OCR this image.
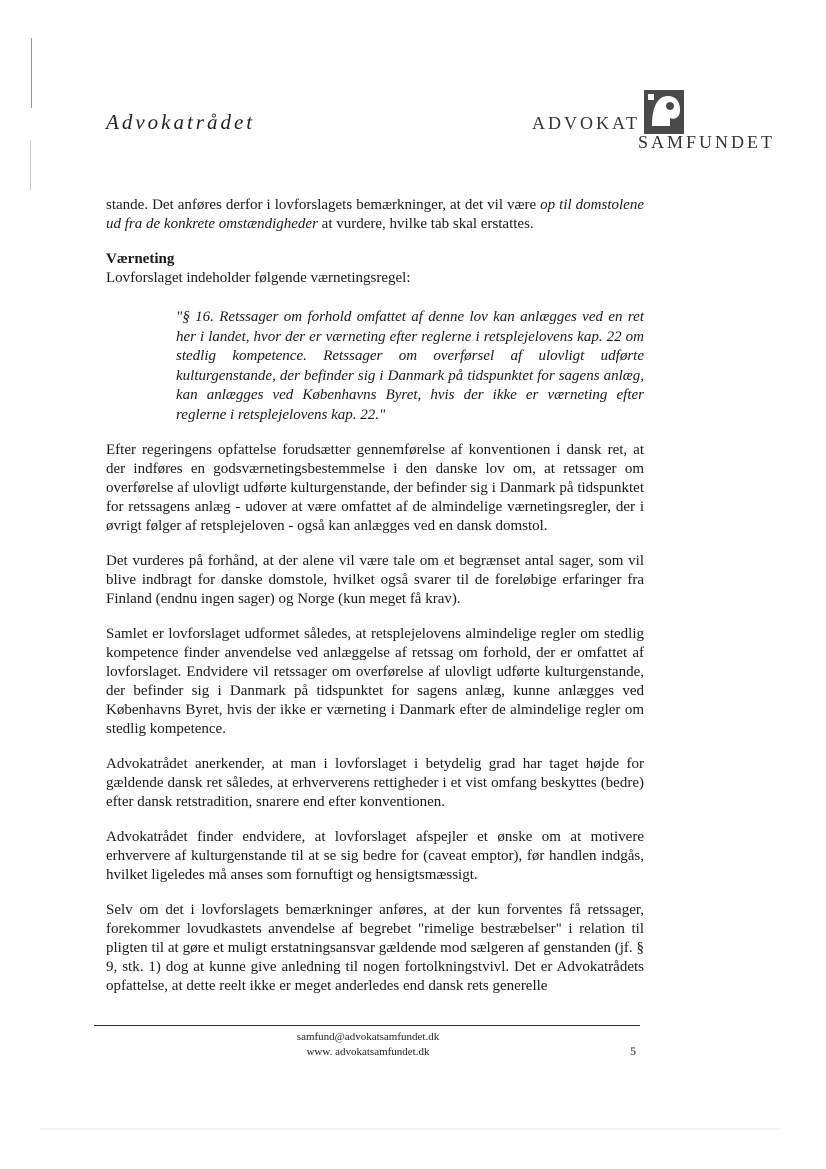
Advokatrådet	ADVOKAT
SAMFUNDET

stande. Det anføres derfor i lovforslagets bemærkninger, at det vil være op til domstolene ud fra de konkrete omstændigheder at vurdere, hvilke tab skal erstattes.

Værneting

Lovforslaget indeholder følgende værnetingsregel:

"§ 16. Retssager om forhold omfattet af denne lov kan anlægges ved en ret her i landet, hvor der er værneting efter reglerne i retsplejelovens kap. 22 om stedlig kompetence. Retssager om overførsel af ulovligt udførte kulturgenstande, der befinder sig i Danmark på tidspunktet for sagens anlæg, kan anlægges ved Københavns Byret, hvis der ikke er værneting efter reglerne i retsplejelovens kap. 22."

Efter regeringens opfattelse forudsætter gennemførelse af konventionen i dansk ret, at der indføres en godsværnetingsbestemmelse i den danske lov om, at retssager om overførelse af ulovligt udførte kulturgenstande, der befinder sig i Danmark på tidspunktet for retssagens anlæg - udover at være omfattet af de almindelige værnetingsregler, der i øvrigt følger af retsplejeloven - også kan anlægges ved en dansk domstol.

Det vurderes på forhånd, at der alene vil være tale om et begrænset antal sager, som vil blive indbragt for danske domstole, hvilket også svarer til de foreløbige erfaringer fra Finland (endnu ingen sager) og Norge (kun meget få krav).

Samlet er lovforslaget udformet således, at retsplejelovens almindelige regler om stedlig kompetence finder anvendelse ved anlæggelse af retssag om forhold, der er omfattet af lovforslaget. Endvidere vil retssager om overførelse af ulovligt udførte kulturgenstande, der befinder sig i Danmark på tidspunktet for sagens anlæg, kunne anlægges ved Københavns Byret, hvis der ikke er værneting i Danmark efter de almindelige regler om stedlig kompetence.

Advokatrådet anerkender, at man i lovforslaget i betydelig grad har taget højde for gældende dansk ret således, at erhververens rettigheder i et vist omfang beskyttes (bedre) efter dansk retstradition, snarere end efter konventionen.

Advokatrådet finder endvidere, at lovforslaget afspejler et ønske om at motivere erhververe af kulturgenstande til at se sig bedre for (caveat emptor), før handlen indgås, hvilket ligeledes må anses som fornuftigt og hensigtsmæssigt.

Selv om det i lovforslagets bemærkninger anføres, at der kun forventes få retssager, forekommer lovudkastets anvendelse af begrebet "rimelige bestræbelser" i relation til pligten til at gøre et muligt erstatningsansvar gældende mod sælgeren af genstanden (jf. § 9, stk. 1) dog at kunne give anledning til nogen fortolkningstvivl. Det er Advokatrådets opfattelse, at dette reelt ikke er meget anderledes end dansk rets generelle

samfund@advokatsamfundet.dk
www. advokatsamfundet.dk	5
